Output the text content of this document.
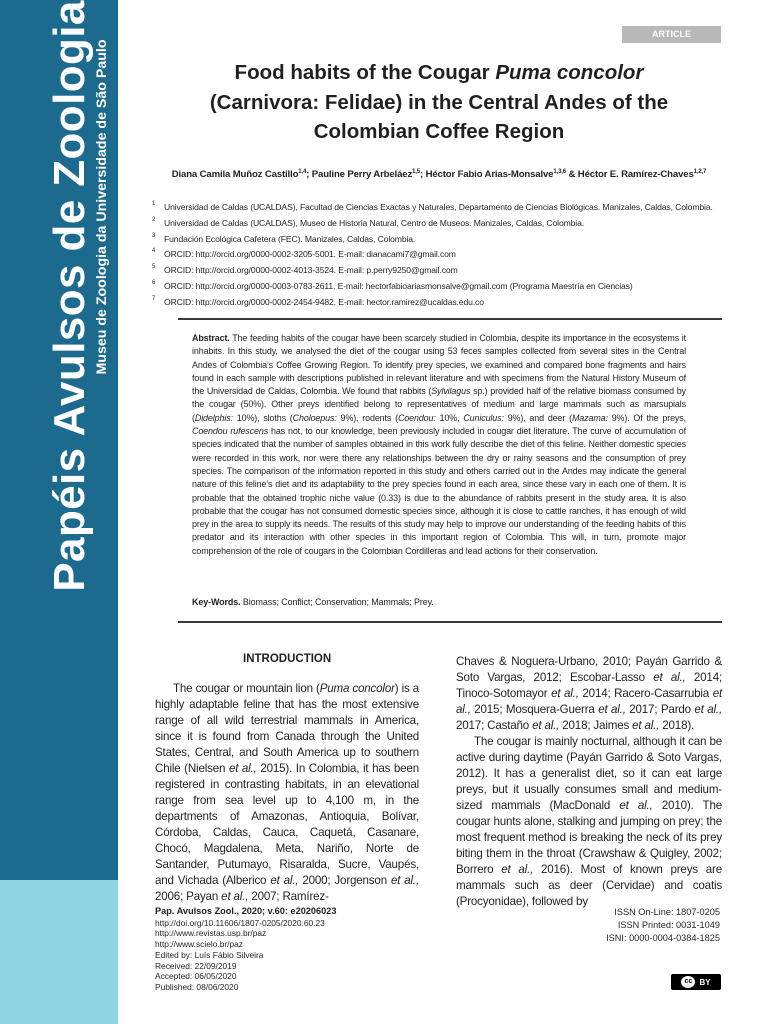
Papéis Avulsos de Zoologia Museu de Zoologia da Universidade de São Paulo
ARTICLE
Food habits of the Cougar Puma concolor
(Carnivora: Felidae) in the Central Andes of the
Colombian Coffee Region
Diana Camila Muñoz Castillo$^{1,4}$; Pauline Perry Arbeláez$^{1,5}$; Héctor Fabio Arias-Monsalve$^{1,3,6}$ & Héctor E. Ramírez-Chaves$^{1,2,7}$
1 Universidad de Caldas (UCALDAS), Facultad de Ciencias Exactas y Naturales, Departamento de Ciencias Biológicas. Manizales, Caldas, Colombia.
2 Universidad de Caldas (UCALDAS), Museo de Historia Natural, Centro de Museos. Manizales, Caldas, Colombia.
3 Fundación Ecológica Cafetera (FEC). Manizales, Caldas, Colombia.
4 ORCID: http://orcid.org/0000-0002-3205-5001. E-mail: dianacami7@gmail.com
5 ORCID: http://orcid.org/0000-0002-4013-3524. E-mail: p.perry9250@gmail.com
6 ORCID: http://orcid.org/0000-0003-0783-2611. E-mail: hectorfabioariasmonsalve@gmail.com (Programa Maestría en Ciencias)
7 ORCID: http://orcid.org/0000-0002-2454-9482. E-mail: hector.ramirez@ucaldas.edu.co
Abstract. The feeding habits of the cougar have been scarcely studied in Colombia, despite its importance in the ecosystems it inhabits. In this study, we analysed the diet of the cougar using 53 feces samples collected from several sites in the Central Andes of Colombia’s Coffee Growing Region. To identify prey species, we examined and compared bone fragments and hairs found in each sample with descriptions published in relevant literature and with specimens from the Natural History Museum of the Universidad de Caldas, Colombia. We found that rabbits (Sylvilagus sp.) provided half of the relative biomass consumed by the cougar (50%). Other preys identified belong to representatives of medium and large mammals such as marsupials (Didelphis: 10%), sloths (Choloepus: 9%), rodents (Coendou: 10%, Cuniculus: 9%), and deer (Mazama: 9%). Of the preys, Coendou rufescens has not, to our knowledge, been previously included in cougar diet literature. The curve of accumulation of species indicated that the number of samples obtained in this work fully describe the diet of this feline. Neither domestic species were recorded in this work, nor were there any relationships between the dry or rainy seasons and the consumption of prey species. The comparison of the information reported in this study and others carried out in the Andes may indicate the general nature of this feline’s diet and its adaptability to the prey species found in each area, since these vary in each one of them. It is probable that the obtained trophic niche value (0.33) is due to the abundance of rabbits present in the study area. It is also probable that the cougar has not consumed domestic species since, although it is close to cattle ranches, it has enough of wild prey in the area to supply its needs. The results of this study may help to improve our understanding of the feeding habits of this predator and its interaction with other species in this important region of Colombia. This will, in turn, promote major comprehension of the role of cougars in the Colombian Cordilleras and lead actions for their conservation.
Key-Words. Biomass; Conflict; Conservation; Mammals; Prey.
INTRODUCTION

The cougar or mountain lion (Puma concolor) is a highly adaptable feline that has the most extensive range of all wild terrestrial mammals in America, since it is found from Canada through the United States, Central, and South America up to southern Chile (Nielsen et al., 2015). In Colombia, it has been registered in contrasting habitats, in an elevational range from sea level up to 4,100 m, in the departments of Amazonas, Antioquia, Bolívar, Córdoba, Caldas, Cauca, Caquetá, Casanare, Chocó, Magdalena, Meta, Nariño, Norte de Santander, Putumayo, Risaralda, Sucre, Vaupés, and Vichada (Alberico et al., 2000; Jorgenson et al., 2006; Payan et al., 2007; Ramírez-

Chaves & Noguera-Urbano, 2010; Payán Garrido & Soto Vargas, 2012; Escobar-Lasso et al., 2014; Tinoco-Sotomayor et al., 2014; Racero-Casarrubia et al., 2015; Mosquera-Guerra et al., 2017; Pardo et al., 2017; Castaño et al., 2018; Jaimes et al., 2018).

The cougar is mainly nocturnal, although it can be active during daytime (Payán Garrido & Soto Vargas, 2012). It has a generalist diet, so it can eat large preys, but it usually consumes small and medium-sized mammals (MacDonald et al., 2010). The cougar hunts alone, stalking and jumping on prey; the most frequent method is breaking the neck of its prey biting them in the throat (Crawshaw & Quigley, 2002; Borrero et al., 2016). Most of known preys are mammals such as deer (Cervidae) and coatis (Procyonidae), followed by

Pap. Avulsos Zool., 2020; v.60: e20206023
http://doi.org/10.11606/1807-0205/2020.60.23
http://www.revistas.usp.br/paz
http://www.scielo.br/paz
Edited by: Luís Fábio Silveira
Received: 22/09/2019
Accepted: 06/05/2020
Published: 08/06/2020
ISSN On-Line: 1807-0205
ISSN Printed: 0031-1049
ISNI: 0000-0004-0384-1825
cc BY
